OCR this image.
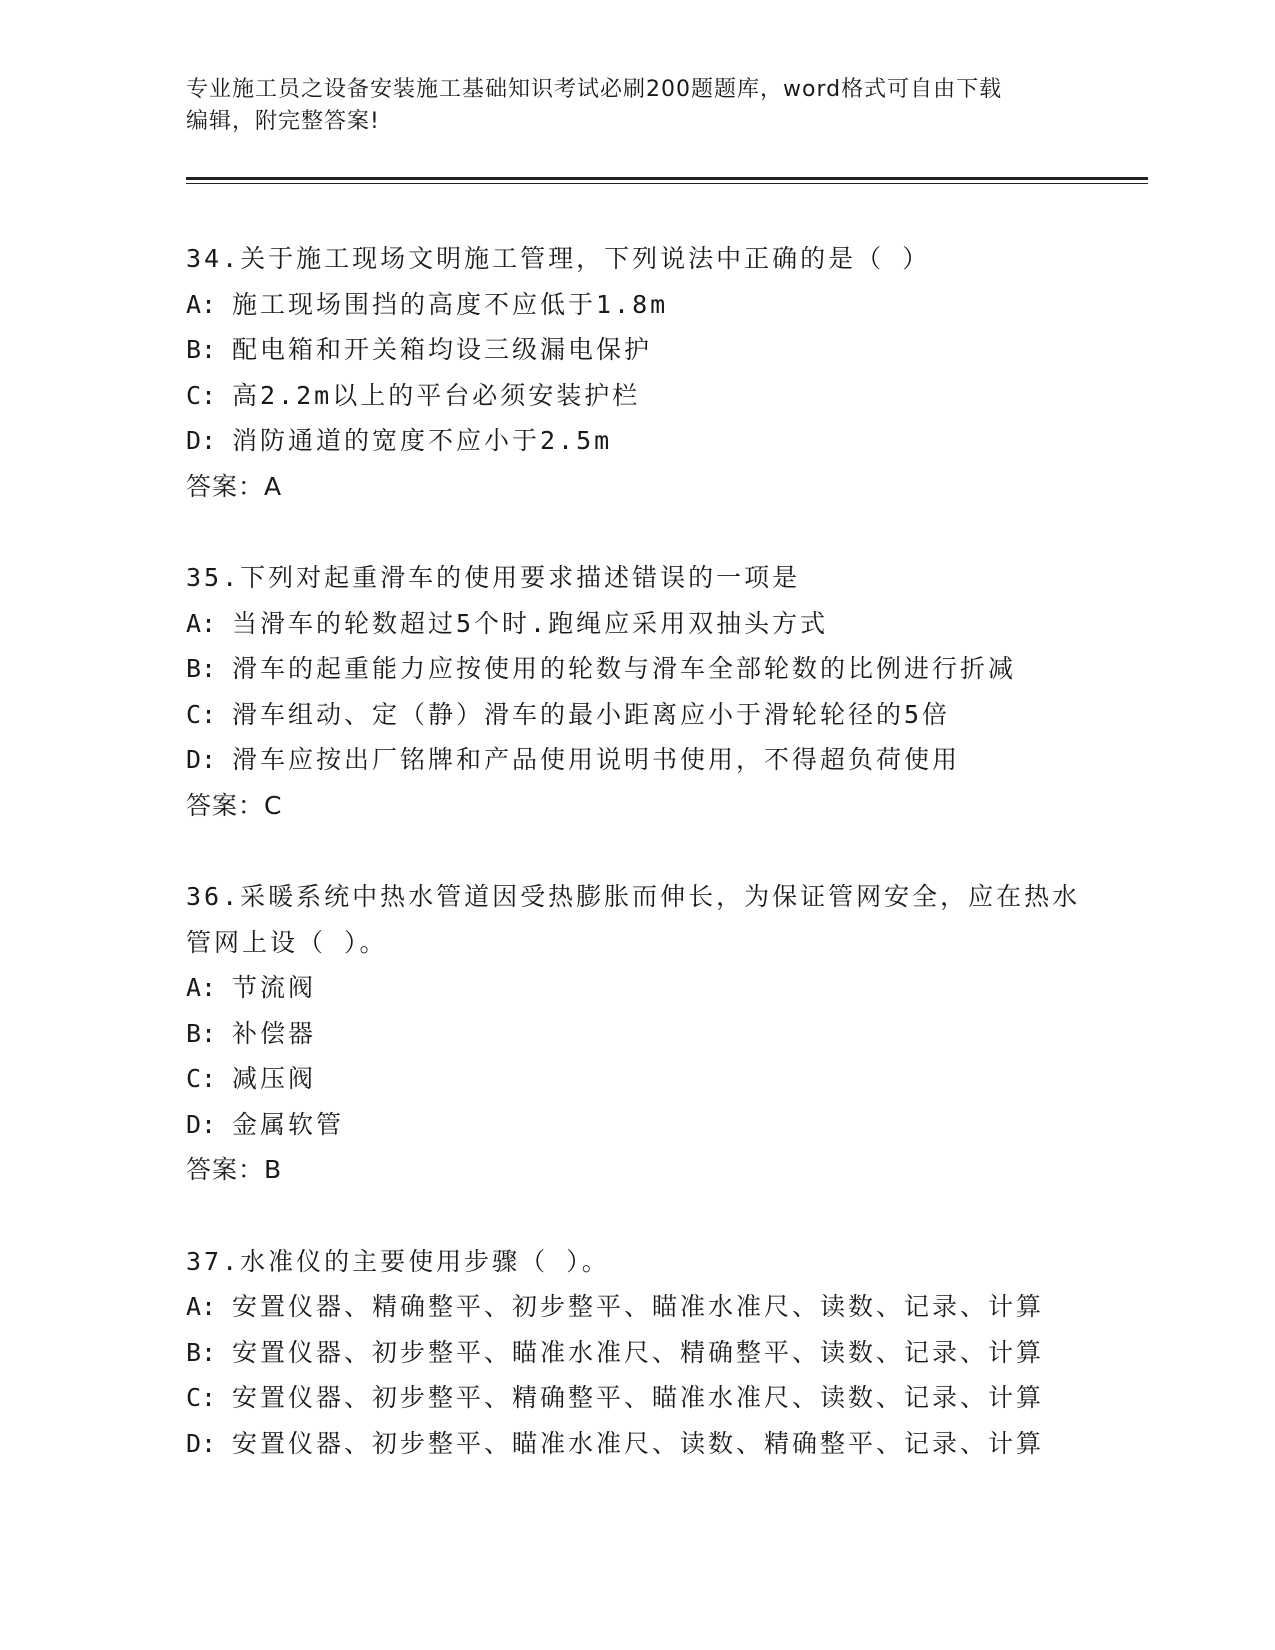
专业施工员之设备安装施工基础知识考试必刷200题题库，word格式可自由下载
编辑，附完整答案!
34.关于施工现场文明施工管理，下列说法中正确的是（ ）
A: 施工现场围挡的高度不应低于1.8m
B: 配电箱和开关箱均设三级漏电保护
C: 高2.2m以上的平台必须安装护栏
D: 消防通道的宽度不应小于2.5m
答案：A
35.下列对起重滑车的使用要求描述错误的一项是
A: 当滑车的轮数超过5个时.跑绳应采用双抽头方式
B: 滑车的起重能力应按使用的轮数与滑车全部轮数的比例进行折减
C: 滑车组动、定（静）滑车的最小距离应小于滑轮轮径的5倍
D: 滑车应按出厂铭牌和产品使用说明书使用，不得超负荷使用
答案：C
36.采暖系统中热水管道因受热膨胀而伸长，为保证管网安全，应在热水管网上设（ ）。
A: 节流阀
B: 补偿器
C: 减压阀
D: 金属软管
答案：B
37.水准仪的主要使用步骤（ ）。
A: 安置仪器、精确整平、初步整平、瞄准水准尺、读数、记录、计算
B: 安置仪器、初步整平、瞄准水准尺、精确整平、读数、记录、计算
C: 安置仪器、初步整平、精确整平、瞄准水准尺、读数、记录、计算
D: 安置仪器、初步整平、瞄准水准尺、读数、精确整平、记录、计算
